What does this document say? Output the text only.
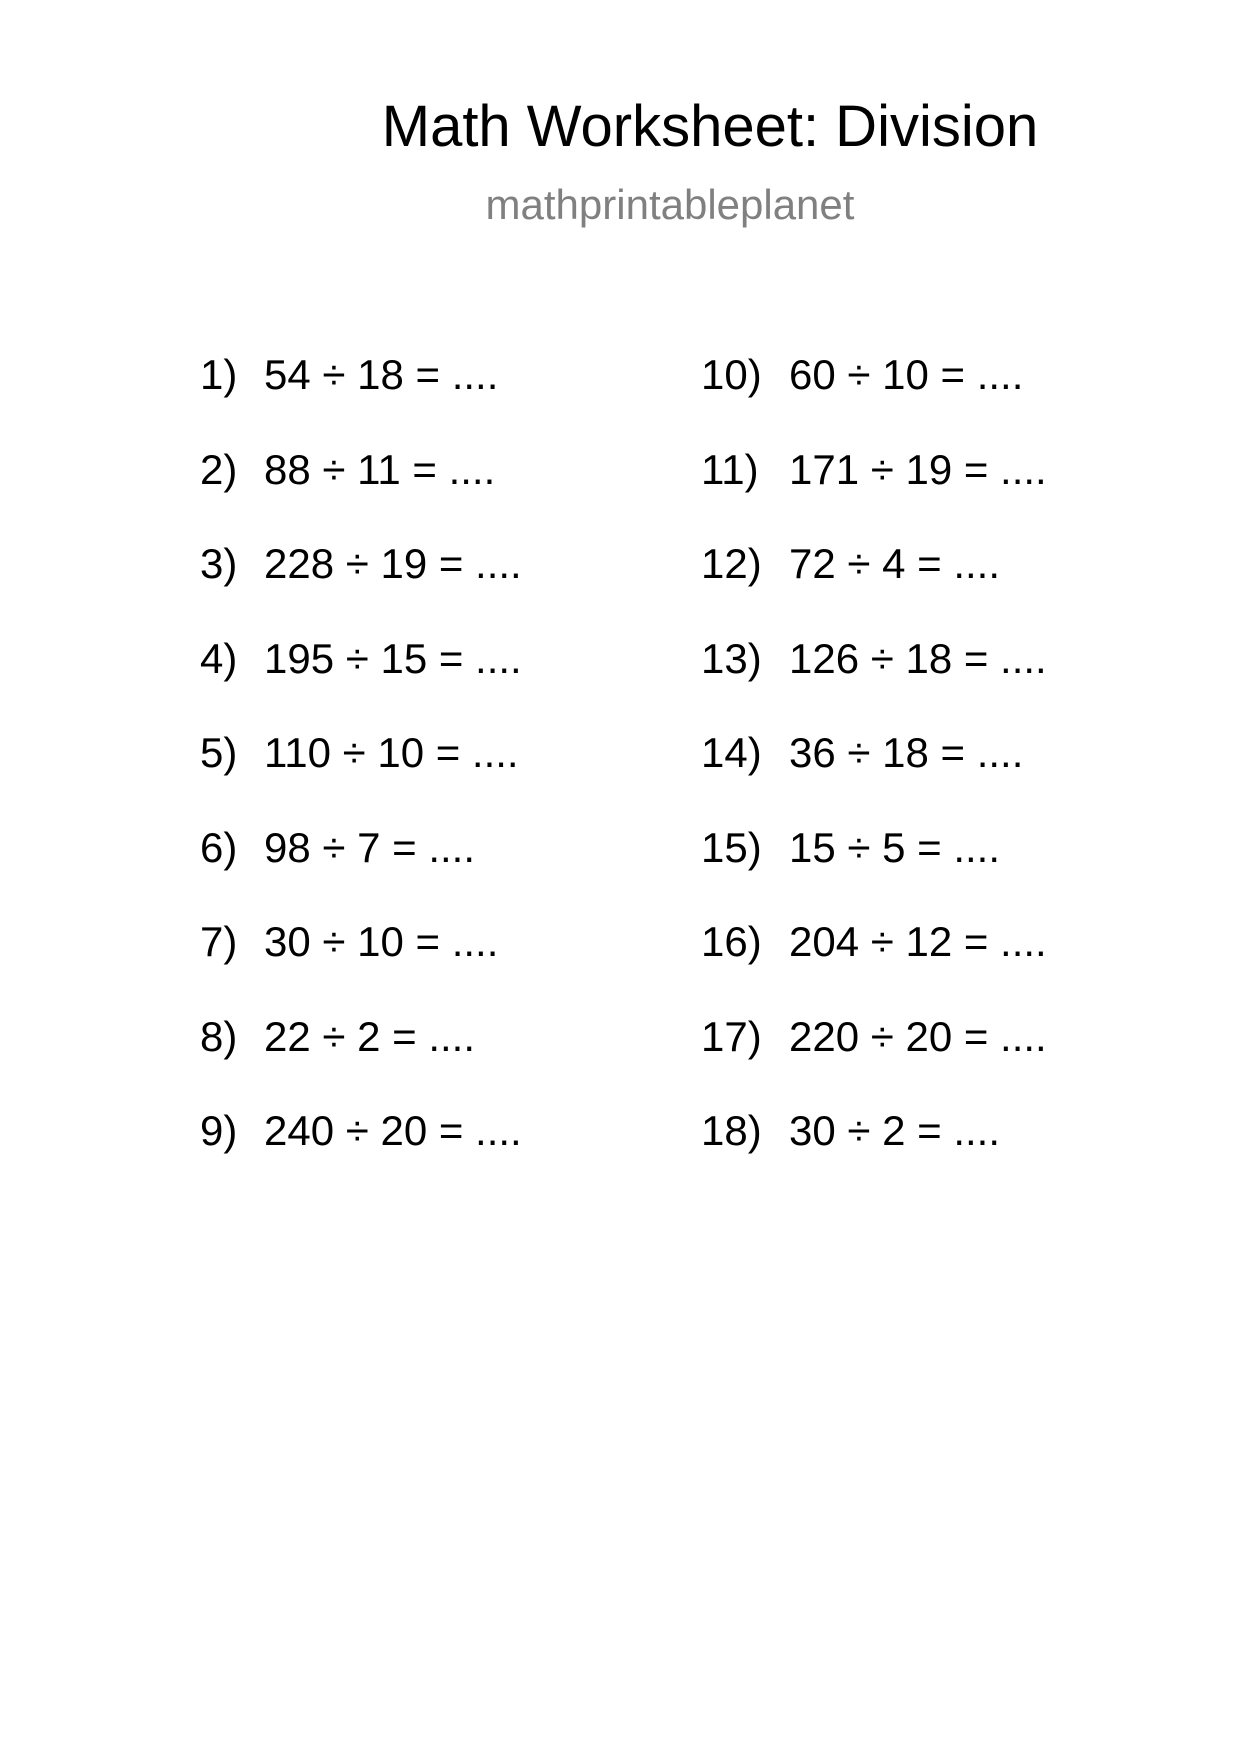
Math Worksheet: Division
mathprintableplanet
1) 54 ÷ 18 = ....
2) 88 ÷ 11 = ....
3) 228 ÷ 19 = ....
4) 195 ÷ 15 = ....
5) 110 ÷ 10 = ....
6) 98 ÷ 7 = ....
7) 30 ÷ 10 = ....
8) 22 ÷ 2 = ....
9) 240 ÷ 20 = ....
10) 60 ÷ 10 = ....
11) 171 ÷ 19 = ....
12) 72 ÷ 4 = ....
13) 126 ÷ 18 = ....
14) 36 ÷ 18 = ....
15) 15 ÷ 5 = ....
16) 204 ÷ 12 = ....
17) 220 ÷ 20 = ....
18) 30 ÷ 2 = ....
